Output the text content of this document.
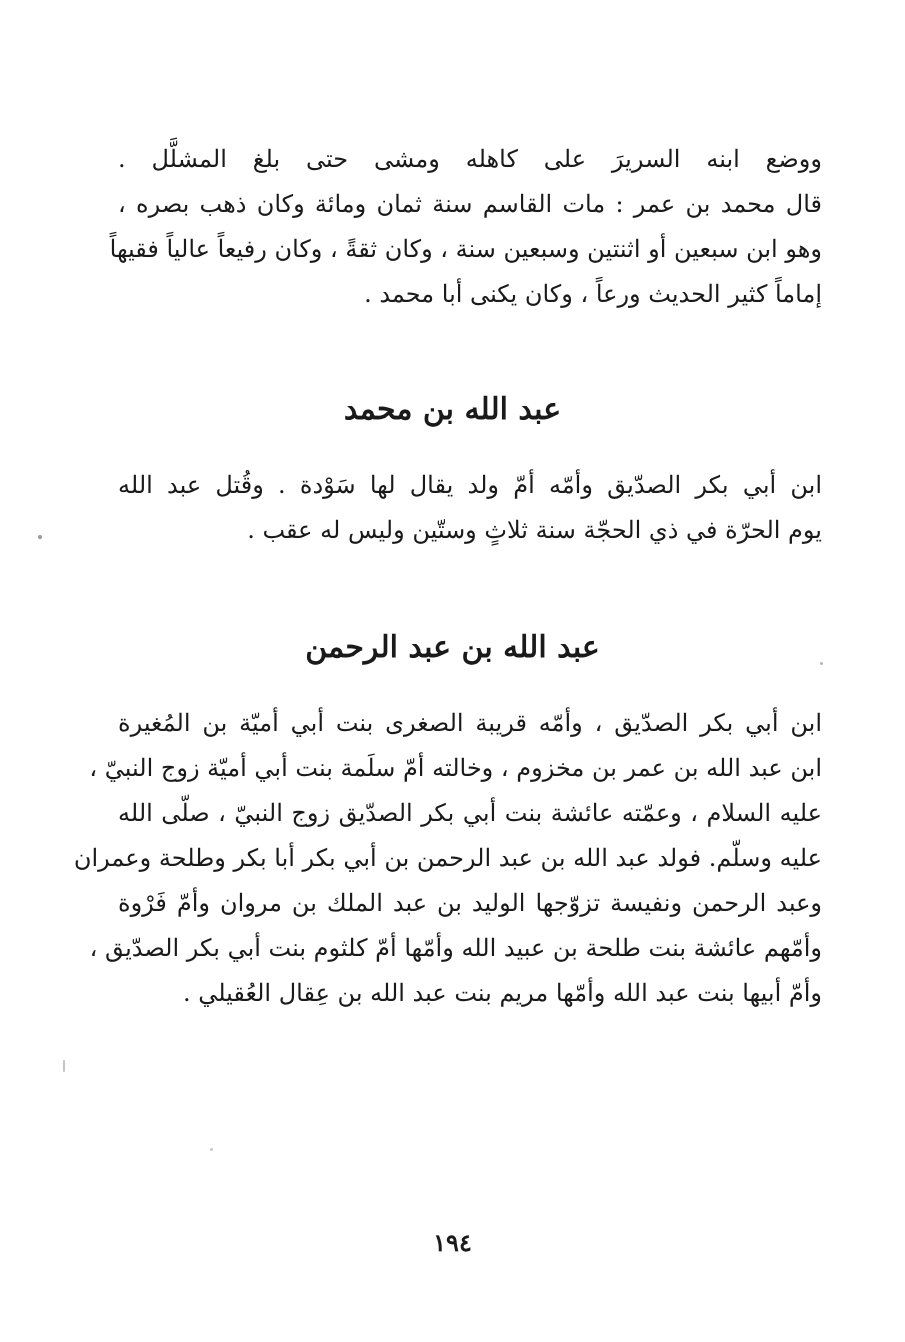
ووضع ابنه السريرَ على كاهله ومشى حتى بلغ المشلَّل .
قال محمد بن عمر : مات القاسم سنة ثمان ومائة وكان ذهب بصره ،
وهو ابن سبعين أو اثنتين وسبعين سنة ، وكان ثقةً ، وكان رفيعاً عالياً فقيهاً
إماماً كثير الحديث ورعاً ، وكان يكنى أبا محمد .
عبد الله بن محمد
ابن أبي بكر الصدّيق وأمّه أمّ ولد يقال لها سَوْدة . وقُتل عبد الله
يوم الحرّة في ذي الحجّة سنة ثلاثٍ وستّين وليس له عقب .
عبد الله بن عبد الرحمن
ابن أبي بكر الصدّيق ، وأمّه قريبة الصغرى بنت أبي أميّة بن المُغيرة
ابن عبد الله بن عمر بن مخزوم ، وخالته أمّ سلَمة بنت أبي أميّة زوج النبيّ ،
عليه السلام ، وعمّته عائشة بنت أبي بكر الصدّيق زوج النبيّ ، صلّى الله
عليه وسلّم. فولد عبد الله بن عبد الرحمن بن أبي بكر أبا بكر وطلحة وعمران
وعبد الرحمن ونفيسة تزوّجها الوليد بن عبد الملك بن مروان وأمّ فَرْوة
وأمّهم عائشة بنت طلحة بن عبيد الله وأمّها أمّ كلثوم بنت أبي بكر الصدّيق ،
وأمّ أبيها بنت عبد الله وأمّها مريم بنت عبد الله بن عِقال العُقيلي .
١٩٤
